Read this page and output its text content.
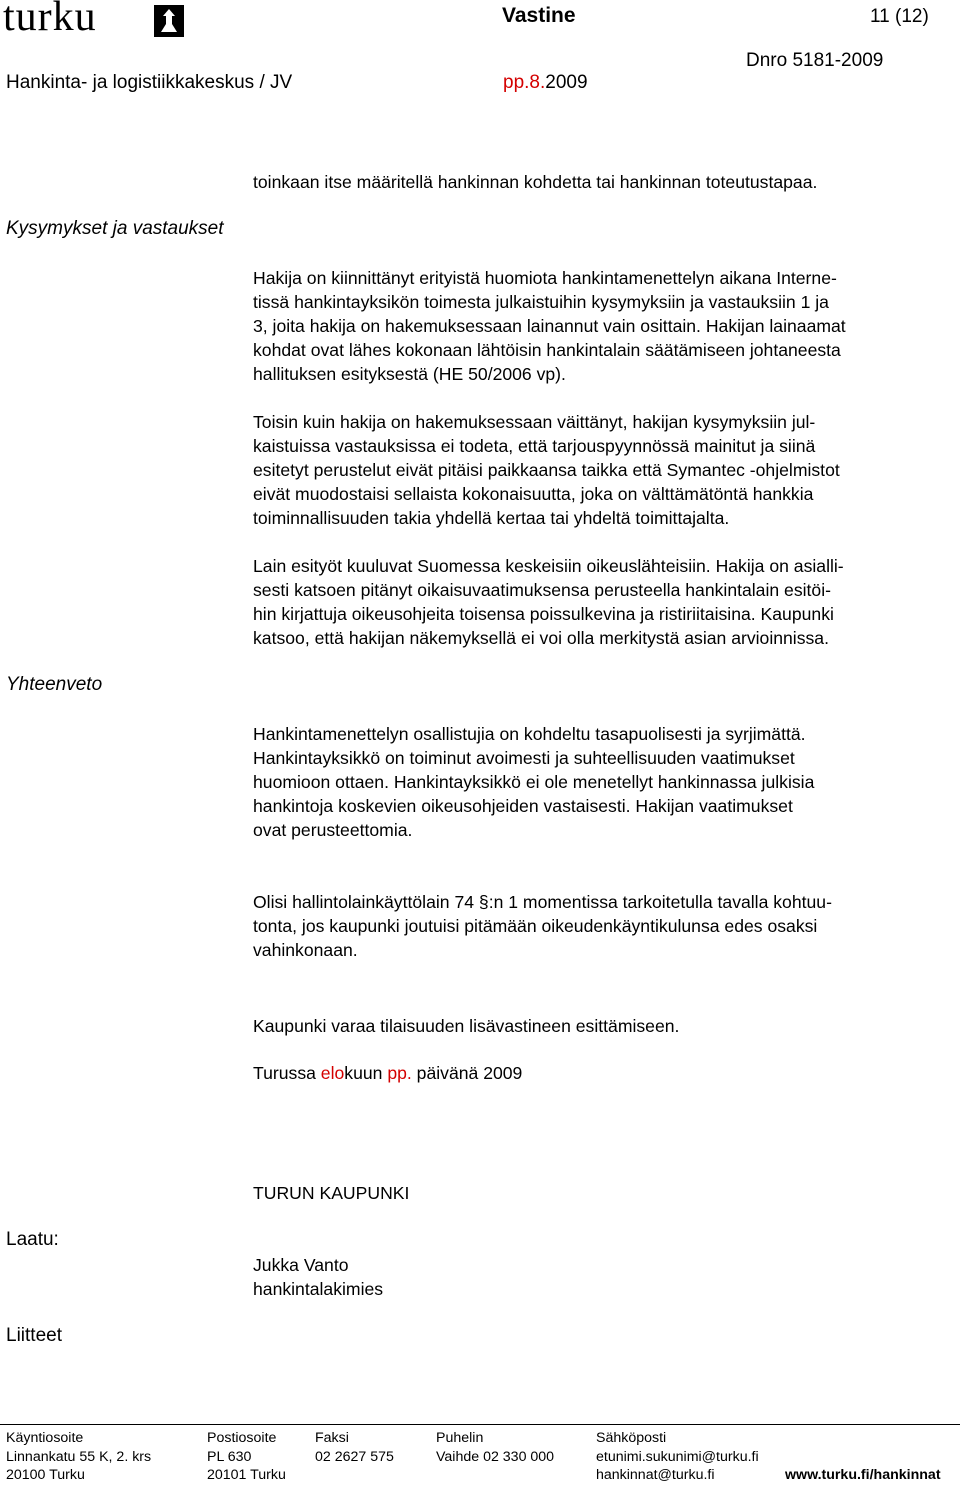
turku	Vastine	11 (12)
Dnro 5181-2009
Hankinta- ja logistiikkakeskus / JV	pp.8.2009
Kysymykset ja vastaukset
Yhteenveto
Laatu:
Liitteet
toinkaan itse määritellä hankinnan kohdetta tai hankinnan toteutustapaa.
Hakija on kiinnittänyt erityistä huomiota hankintamenettelyn aikana Interne-
tissä hankintayksikön toimesta julkaistuihin kysymyksiin ja vastauksiin 1 ja
3, joita hakija on hakemuksessaan lainannut vain osittain. Hakijan lainaamat
kohdat ovat lähes kokonaan lähtöisin hankintalain säätämiseen johtaneesta
hallituksen esityksestä (HE 50/2006 vp).
Toisin kuin hakija on hakemuksessaan väittänyt, hakijan kysymyksiin jul-
kaistuissa vastauksissa ei todeta, että tarjouspyynnössä mainitut ja siinä
esitetyt perustelut eivät pitäisi paikkaansa taikka että Symantec -ohjelmistot
eivät muodostaisi sellaista kokonaisuutta, joka on välttämätöntä hankkia
toiminnallisuuden takia yhdellä kertaa tai yhdeltä toimittajalta.
Lain esityöt kuuluvat Suomessa keskeisiin oikeuslähteisiin. Hakija on asialli-
sesti katsoen pitänyt oikaisuvaatimuksensa perusteella hankintalain esitöi-
hin kirjattuja oikeusohjeita toisensa poissulkevina ja ristiriitaisina. Kaupunki
katsoo, että hakijan näkemyksellä ei voi olla merkitystä asian arvioinnissa.
Hankintamenettelyn osallistujia on kohdeltu tasapuolisesti ja syrjimättä.
Hankintayksikkö on toiminut avoimesti ja suhteellisuuden vaatimukset
huomioon ottaen. Hankintayksikkö ei ole menetellyt hankinnassa julkisia
hankintoja koskevien oikeusohjeiden vastaisesti. Hakijan vaatimukset
ovat perusteettomia.
Olisi hallintolainkäyttölain 74 §:n 1 momentissa tarkoitetulla tavalla kohtuu-
tonta, jos kaupunki joutuisi pitämään oikeudenkäyntikulunsa edes osaksi
vahinkonaan.
Kaupunki varaa tilaisuuden lisävastineen esittämiseen.
Turussa elokuun pp. päivänä 2009
TURUN KAUPUNKI
Jukka Vanto
hankintalakimies
Käyntiosoite
Linnankatu 55 K, 2. krs
20100 Turku
Postiosoite
PL 630
20101 Turku
Faksi
02 2627 575
Puhelin
Vaihde 02 330 000
Sähköposti
etunimi.sukunimi@turku.fi
hankinnat@turku.fi	www.turku.fi/hankinnat
